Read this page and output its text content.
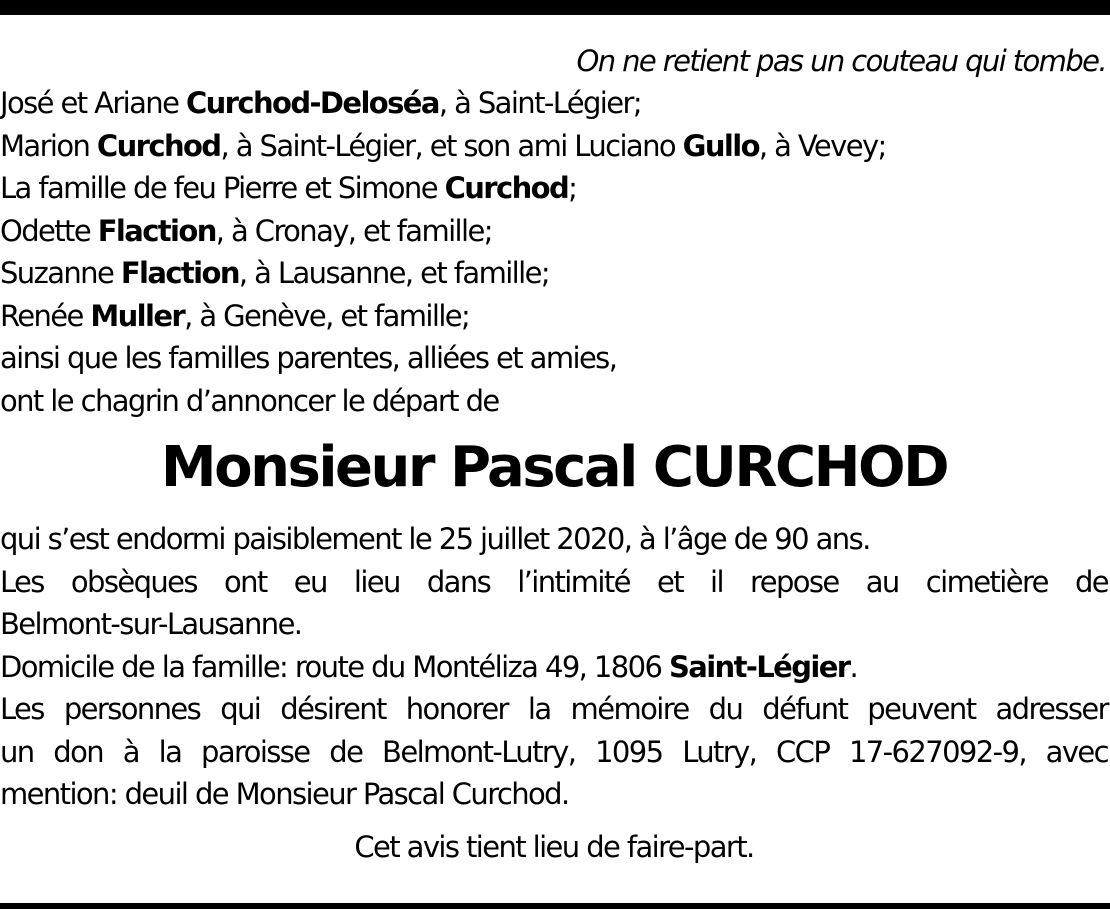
On ne retient pas un couteau qui tombe.
José et Ariane Curchod-Deloséa, à Saint-Légier;
Marion Curchod, à Saint-Légier, et son ami Luciano Gullo, à Vevey;
La famille de feu Pierre et Simone Curchod;
Odette Flaction, à Cronay, et famille;
Suzanne Flaction, à Lausanne, et famille;
Renée Muller, à Genève, et famille;
ainsi que les familles parentes, alliées et amies,
ont le chagrin d’annoncer le départ de
Monsieur Pascal CURCHOD
qui s’est endormi paisiblement le 25 juillet 2020, à l’âge de 90 ans.
Les obsèques ont eu lieu dans l’intimité et il repose au cimetière de
Belmont-sur-Lausanne.
Domicile de la famille: route du Montéliza 49, 1806 Saint-Légier.
Les personnes qui désirent honorer la mémoire du défunt peuvent adresser
un don à la paroisse de Belmont-Lutry, 1095 Lutry, CCP 17-627092-9, avec
mention: deuil de Monsieur Pascal Curchod.
Cet avis tient lieu de faire-part.
